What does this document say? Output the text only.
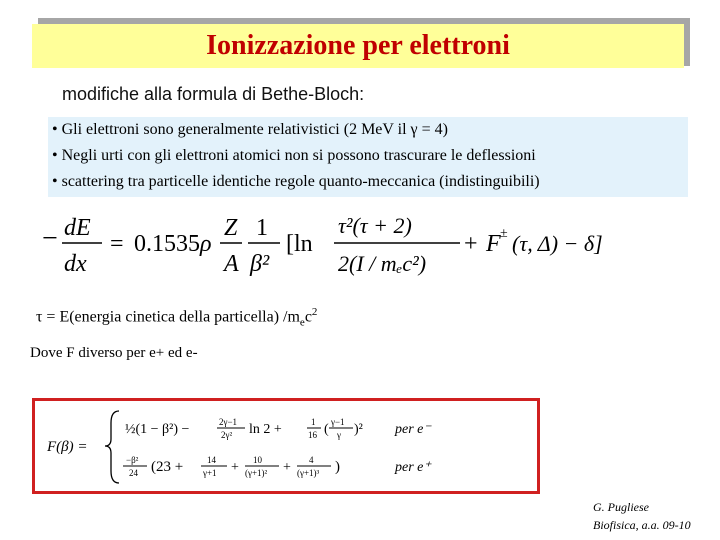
Ionizzazione per elettroni
modifiche alla formula di Bethe-Bloch:
• Gli elettroni sono generalmente relativistici (2 MeV il γ = 4)
• Negli urti con gli elettroni atomici non si possono trascurare le deflessioni
• scattering tra particelle identiche regole quanto-meccanica (indistinguibili)
− dE
dx
= 0.1535 ρ
Z
A
1
β²
[ln
τ²(τ + 2)
2(I / mₑc²)
+ F ± (τ, Δ) − δ]
τ = E(energia cinetica della particella) $/m_ec^2$
Dove F diverso per e+ ed e-
F(β) =
½(1 − β²) −	2γ−1
2γ² ln 2 +	1
16 ( γ−1
γ )² per e⁻
−β²
24 (23 +	14
γ+1 + 10
(γ+1)² + 4
(γ+1)³ )	per e⁺
G. Pugliese
Biofisica, a.a. 09-10
